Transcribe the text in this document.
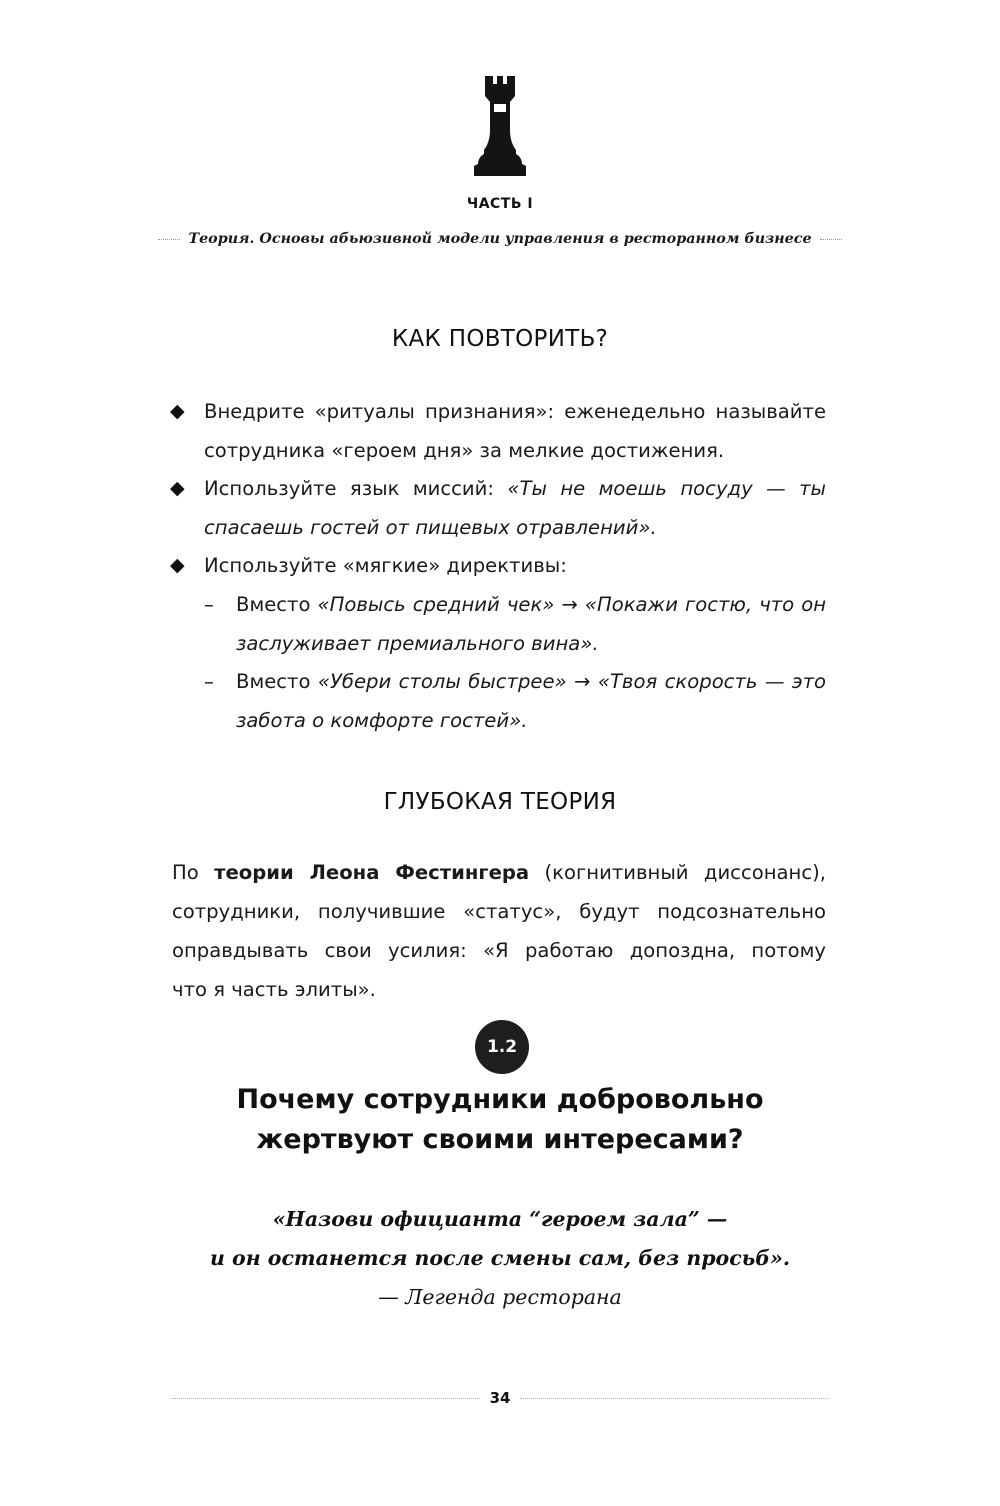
ЧАСТЬ I
Теория. Основы абьюзивной модели управления в ресторанном бизнесе
КАК ПОВТОРИТЬ?
◆ Внедрите «ритуалы признания»: еженедельно называйте
сотрудника «героем дня» за мелкие достижения.
◆ Используйте язык миссий: «Ты не моешь посуду — ты
спасаешь гостей от пищевых отравлений».
◆ Используйте «мягкие» директивы:
–	Вместо «Повысь средний чек» → «Покажи гостю, что он
заслуживает премиального вина».
–	Вместо «Убери столы быстрее» → «Твоя скорость — это
забота о комфорте гостей».
ГЛУБОКАЯ ТЕОРИЯ
По теории Леона Фестингера (когнитивный диссонанс),
сотрудники, получившие «статус», будут подсознательно
оправдывать свои усилия: «Я работаю допоздна, потому
что я часть элиты».
1.2
Почему сотрудники добровольно
жертвуют своими интересами?
«Назови официанта “героем зала” —
и он останется после смены сам, без просьб».
— Легенда ресторана
34
